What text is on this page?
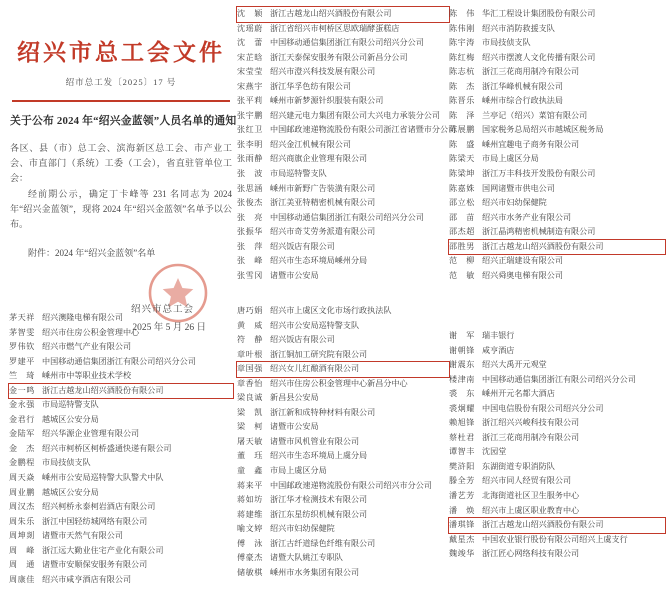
绍兴市总工会文件
绍市总工发〔2025〕17 号
关于公布 2024 年“绍兴金蓝领”人员名单的通知

各区、县（市）总工会、滨海新区总工会、市产业工会、市直部门（系统）工委（工会），省直驻管单位工会：

经前期公示，确定丁卡峰等 231 名同志为 2024 年“绍兴金蓝领”，现将 2024 年“绍兴金蓝领”名单予以公布。

附件：2024 年“绍兴金蓝领”名单

绍兴市总工会
2025 年 5 月 26 日
沈　颖 浙江古越龙山绍兴酒股份有限公司
沈瑶蔚 浙江省绍兴市柯桥区思欧瑞酵蛋糕店
沈　蕾 中国移动通信集团浙江有限公司绍兴分公司
宋芷晗 浙江天泰保安服务有限公司新昌分公司
宋莹莹 绍兴市澄兴科技发展有限公司
宋燕宇 浙江华孚色纺有限公司
张平莉 嵊州市新梦源针织服装有限公司
张宇鹏 绍兴建元电力集团有限公司大兴电力承装分公司
张红卫 中国邮政速递物流股份有限公司浙江省诸暨市分公司
张李明 绍兴金江机械有限公司
张雨静 绍兴商旗企业管理有限公司
张　波 市局巡特警支队
张思涵 嵊州市新野广告装潢有限公司
张俊杰 浙江美亚特精密机械有限公司
张　亮 中国移动通信集团浙江有限公司绍兴分公司
张振华 绍兴市奇艾劳务派遣有限公司
张　萍 绍兴饭店有限公司
张　峰 绍兴市生态环境局嵊州分局
张雪冈 诸暨市公安局
唐巧娟 绍兴市上虞区文化市场行政执法队
黄　威 绍兴市公安局巡特警支队
符　静 绍兴饭店有限公司
章叶根 浙江铜加工研究院有限公司
章国强 绍兴女儿红酿酒有限公司
章香怡 绍兴市住房公积金管理中心新昌分中心
梁良诚 新昌县公安局
梁　凯 浙江新和成特种材料有限公司
梁　柯 诸暨市公安局
屠天敏 诸暨市风机管业有限公司
董　珏 绍兴市生态环境局上虞分局
童　鑫 市局上虞区分局
蒋来平 中国邮政速递物流股份有限公司绍兴市分公司
蒋如坊 浙江华才检测技术有限公司
蒋建维 浙江东星纺织机械有限公司
喻文婷 绍兴市妇幼保健院
傅　泳 浙江古纤道绿色纤维有限公司
傅豪杰 诸暨大队姚江专职队
储敏棋 嵊州市水务集团有限公司
陈　伟 华汇工程设计集团股份有限公司
陈伟刚 绍兴市消防救援支队
陈宇涛 市局技侦支队
陈红梅 绍兴市摆渡人文化传播有限公司
陈志杭 浙江三花商用制冷有限公司
陈　杰 浙江华峰机械有限公司
陈晋乐 嵊州市综合行政执法局
陈　泽 兰亭记（绍兴）菜馆有限公司
陈展鹏 国家税务总局绍兴市越城区税务局
陈　盛 嵊州宜趣电子商务有限公司
陈梁天 市局上虞区分局
陈梁坤 浙江万丰科技开发股份有限公司
陈嘉姝 国网诸暨市供电公司
邵立松 绍兴市妇幼保健院
邵　苗 绍兴市水务产业有限公司
邵杰超 浙江晶鸿精密机械制造有限公司
邵胜男 浙江古越龙山绍兴酒股份有限公司
范　柳 绍兴正瑞建设有限公司
范　敏 绍兴舜奥电梯有限公司
谢　军 瑞丰银行
谢朝锋 咸亨酒店
谢震东 绍兴大禹开元观堂
楼津南 中国移动通信集团浙江有限公司绍兴分公司
裘　东 嵊州开元名都大酒店
裘炯耀 中国电信股份有限公司绍兴分公司
赖旭锋 浙江绍兴兴峻科技有限公司
蔡杜君 浙江三花商用制冷有限公司
谭智丰 沈园堂
樊浒阳 东湖街道专职消防队
滕全芳 绍兴市同人经贸有限公司
潘艺芳 北海街道社区卫生服务中心
潘　焕 绍兴市上虞区职业教育中心
潘琪锋 浙江古越龙山绍兴酒股份有限公司
戴星杰 中国农业银行股份有限公司绍兴上虞支行
魏竣华 浙江匠心网络科技有限公司
茅天祥 绍兴澳隆电梯有限公司
茅智雯 绍兴市住房公积金管理中心
罗伟钦 绍兴市燃气产业有限公司
罗建平 中国移动通信集团浙江有限公司绍兴分公司
竺　琦 嵊州市中等职业技术学校
金一鸣 浙江古越龙山绍兴酒股份有限公司
金永强 市局巡特警支队
金君行 越城区公安分局
金陆军 绍兴华源企业管理有限公司
金　杰 绍兴市柯桥区柯桥盛通快递有限公司
金鹏程 市局技侦支队
周天焱 嵊州市公安局巡特警大队警犬中队
周业鹏 越城区公安分局
周汉杰 绍兴柯桥永泰柯岩酒店有限公司
周朱乐 浙江中国轻纺城网络有限公司
周坤剡 诸暨市天然气有限公司
周　峰 浙江远大勤业住宅产业化有限公司
周　通 诸暨市安顺保安服务有限公司
周康佳 绍兴市咸亨酒店有限公司
